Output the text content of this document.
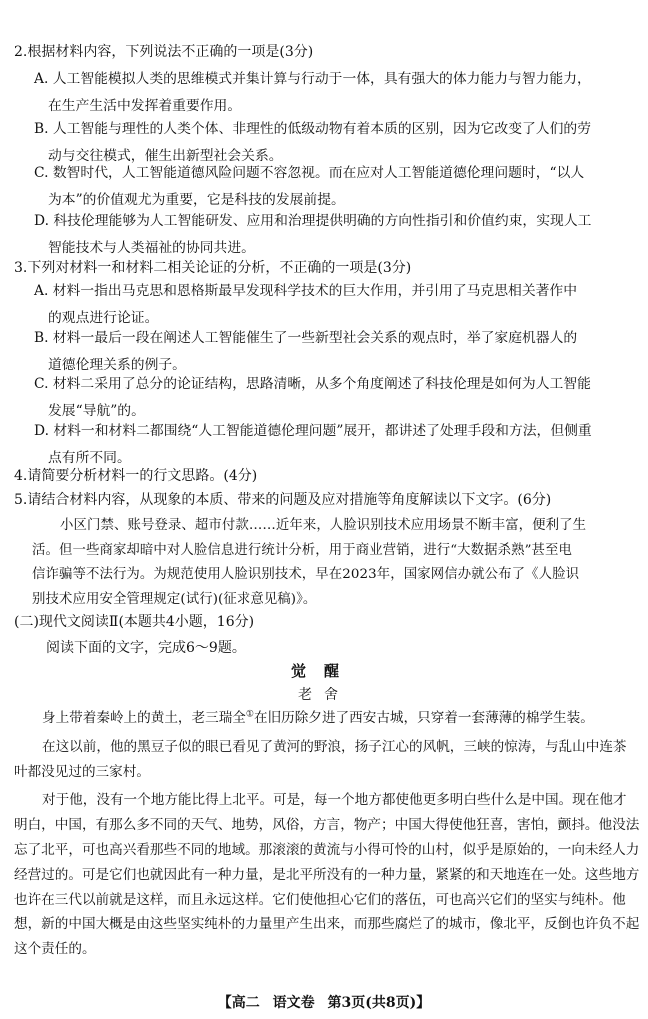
2.根据材料内容，下列说法不正确的一项是(3分)
A. 人工智能模拟人类的思维模式并集计算与行动于一体，具有强大的体力能力与智力能力，
在生产生活中发挥着重要作用。
B. 人工智能与理性的人类个体、非理性的低级动物有着本质的区别，因为它改变了人们的劳
动与交往模式，催生出新型社会关系。
C. 数智时代，人工智能道德风险问题不容忽视。而在应对人工智能道德伦理问题时，“以人
为本”的价值观尤为重要，它是科技的发展前提。
D. 科技伦理能够为人工智能研发、应用和治理提供明确的方向性指引和价值约束，实现人工
智能技术与人类福祉的协同共进。
3.下列对材料一和材料二相关论证的分析，不正确的一项是(3分)
A. 材料一指出马克思和恩格斯最早发现科学技术的巨大作用，并引用了马克思相关著作中
的观点进行论证。
B. 材料一最后一段在阐述人工智能催生了一些新型社会关系的观点时，举了家庭机器人的
道德伦理关系的例子。
C. 材料二采用了总分的论证结构，思路清晰，从多个角度阐述了科技伦理是如何为人工智能
发展“导航”的。
D. 材料一和材料二都围绕“人工智能道德伦理问题”展开，都讲述了处理手段和方法，但侧重
点有所不同。
4.请简要分析材料一的行文思路。(4分)
5.请结合材料内容，从现象的本质、带来的问题及应对措施等角度解读以下文字。(6分)

小区门禁、账号登录、超市付款……近年来，人脸识别技术应用场景不断丰富，便利了生

活。但一些商家却暗中对人脸信息进行统计分析，用于商业营销，进行“大数据杀熟”甚至电

信诈骗等不法行为。为规范使用人脸识别技术，早在2023年，国家网信办就公布了《人脸识

别技术应用安全管理规定(试行)(征求意见稿)》。

(二)现代文阅读Ⅱ(本题共4小题，16分)
阅读下面的文字，完成6～9题。
觉醒
老舍

身上带着秦岭上的黄土，老三瑞全①在旧历除夕进了西安古城，只穿着一套薄薄的棉学生装。

在这以前，他的黑豆子似的眼已看见了黄河的野浪，扬子江心的风帆，三峡的惊涛，与乱山中连茶叶都没见过的三家村。

对于他，没有一个地方能比得上北平。可是，每一个地方都使他更多明白些什么是中国。现在他才明白，中国，有那么多不同的天气、地势，风俗，方言，物产；中国大得使他狂喜，害怕，颤抖。他没法忘了北平，可也高兴看那些不同的地域。那滚滚的黄流与小得可怜的山村，似乎是原始的，一向未经人力经营过的。可是它们也就因此有一种力量，是北平所没有的一种力量，紧紧的和天地连在一处。这些地方也许在三代以前就是这样，而且永远这样。它们使他担心它们的落伍，可也高兴它们的坚实与纯朴。他想，新的中国大概是由这些坚实纯朴的力量里产生出来，而那些腐烂了的城市，像北平，反倒也许负不起这个责任的。

【高二 语文卷 第3页(共8页)】
